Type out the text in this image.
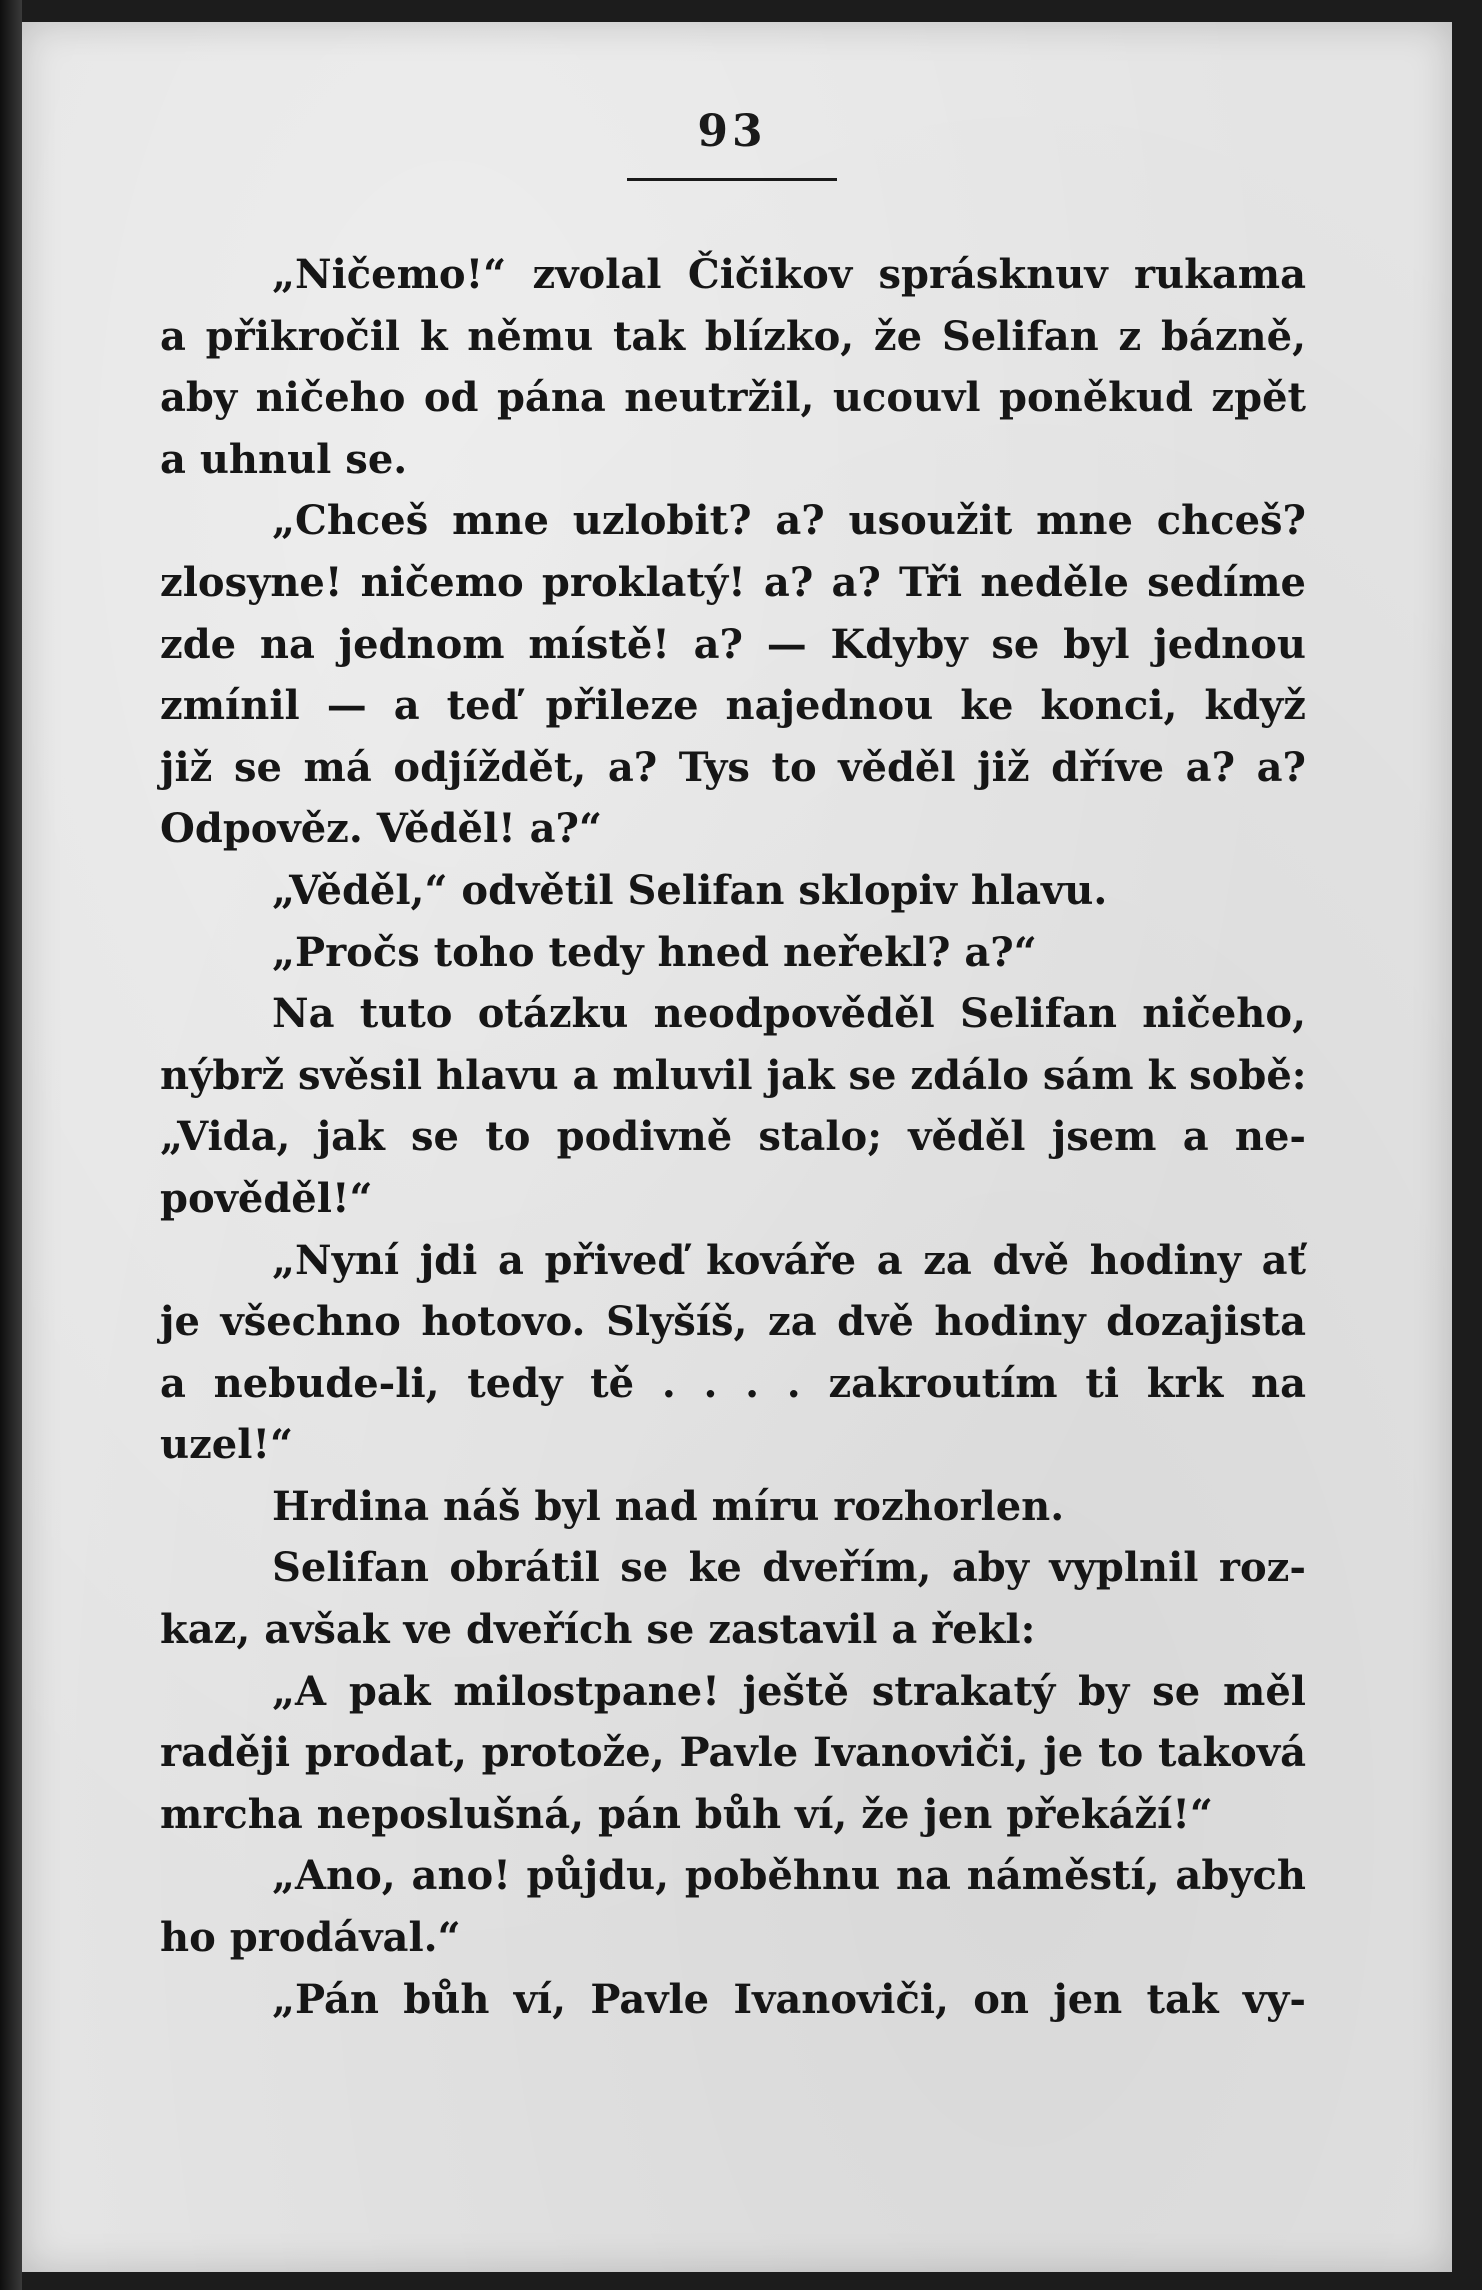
93
„Ničemo!“ zvolal Čičikov sprásknuv rukama
a přikročil k němu tak blízko, že Selifan z bázně,
aby ničeho od pána neutržil, ucouvl poněkud zpět
a uhnul se.
„Chceš mne uzlobit? a? usoužit mne chceš?
zlosyne! ničemo proklatý! a? a? Tři neděle sedíme
zde na jednom místě! a? — Kdyby se byl jednou
zmínil — a teď přileze najednou ke konci, když
již se má odjíždět, a? Tys to věděl již dříve a? a?
Odpověz. Věděl! a?“
„Věděl,“ odvětil Selifan sklopiv hlavu.
„Pročs toho tedy hned neřekl? a?“
Na tuto otázku neodpověděl Selifan ničeho,
nýbrž svěsil hlavu a mluvil jak se zdálo sám k sobě:
„Vida, jak se to podivně stalo; věděl jsem a ne-
pověděl!“
„Nyní jdi a přiveď kováře a za dvě hodiny ať
je všechno hotovo. Slyšíš, za dvě hodiny dozajista
a nebude-li, tedy tě . . . . zakroutím ti krk na
uzel!“
Hrdina náš byl nad míru rozhorlen.
Selifan obrátil se ke dveřím, aby vyplnil roz-
kaz, avšak ve dveřích se zastavil a řekl:
„A pak milostpane! ještě strakatý by se měl
raději prodat, protože, Pavle Ivanoviči, je to taková
mrcha neposlušná, pán bůh ví, že jen překáží!“
„Ano, ano! půjdu, poběhnu na náměstí, abych
ho prodával.“
„Pán bůh ví, Pavle Ivanoviči, on jen tak vy-
